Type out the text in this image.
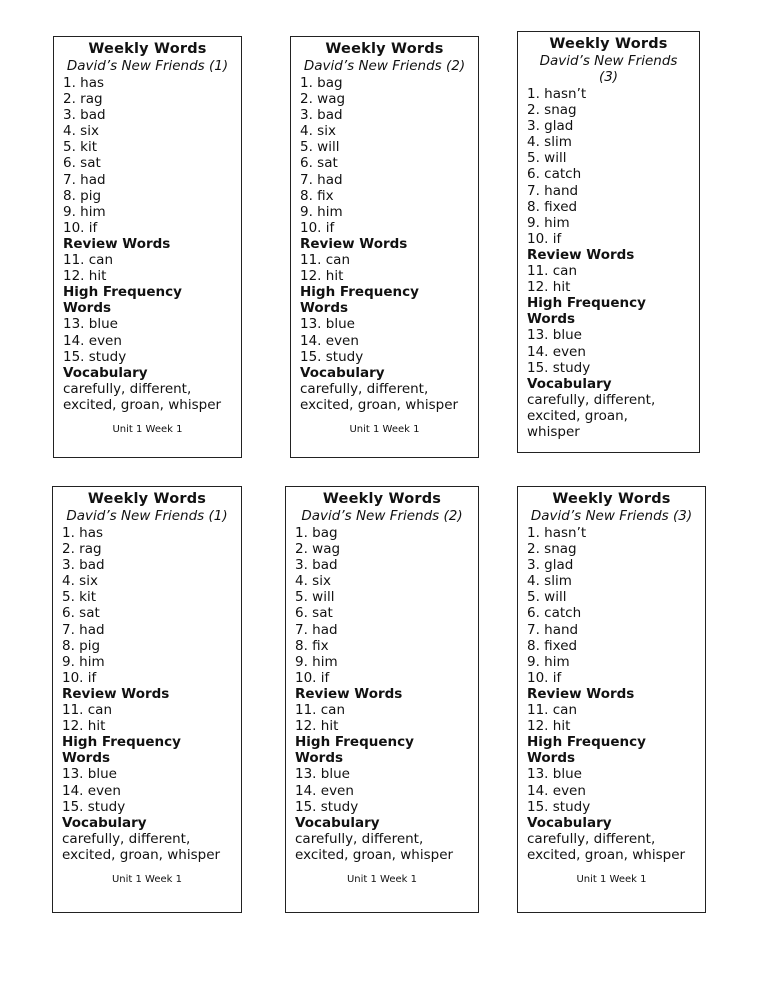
Weekly Words
David’s New Friends (1)
1. has
2. rag
3. bad
4. six
5. kit
6. sat
7. had
8. pig
9. him
10. if
Review Words
11. can
12. hit
High Frequency Words
13. blue
14. even
15. study
Vocabulary
carefully, different, excited, groan, whisper
Unit 1 Week 1
Weekly Words
David’s New Friends (2)
1. bag
2. wag
3. bad
4. six
5. will
6. sat
7. had
8. fix
9. him
10. if
Review Words
11. can
12. hit
High Frequency Words
13. blue
14. even
15. study
Vocabulary
carefully, different, excited, groan, whisper
Unit 1 Week 1
Weekly Words
David’s New Friends (3)
1. hasn’t
2. snag
3. glad
4. slim
5. will
6. catch
7. hand
8. fixed
9. him
10. if
Review Words
11. can
12. hit
High Frequency Words
13. blue
14. even
15. study
Vocabulary
carefully, different, excited, groan, whisper
Weekly Words
David’s New Friends (1)
1. has
2. rag
3. bad
4. six
5. kit
6. sat
7. had
8. pig
9. him
10. if
Review Words
11. can
12. hit
High Frequency Words
13. blue
14. even
15. study
Vocabulary
carefully, different, excited, groan, whisper
Unit 1 Week 1
Weekly Words
David’s New Friends (2)
1. bag
2. wag
3. bad
4. six
5. will
6. sat
7. had
8. fix
9. him
10. if
Review Words
11. can
12. hit
High Frequency Words
13. blue
14. even
15. study
Vocabulary
carefully, different, excited, groan, whisper
Unit 1 Week 1
Weekly Words
David’s New Friends (3)
1. hasn’t
2. snag
3. glad
4. slim
5. will
6. catch
7. hand
8. fixed
9. him
10. if
Review Words
11. can
12. hit
High Frequency Words
13. blue
14. even
15. study
Vocabulary
carefully, different, excited, groan, whisper
Unit 1 Week 1
